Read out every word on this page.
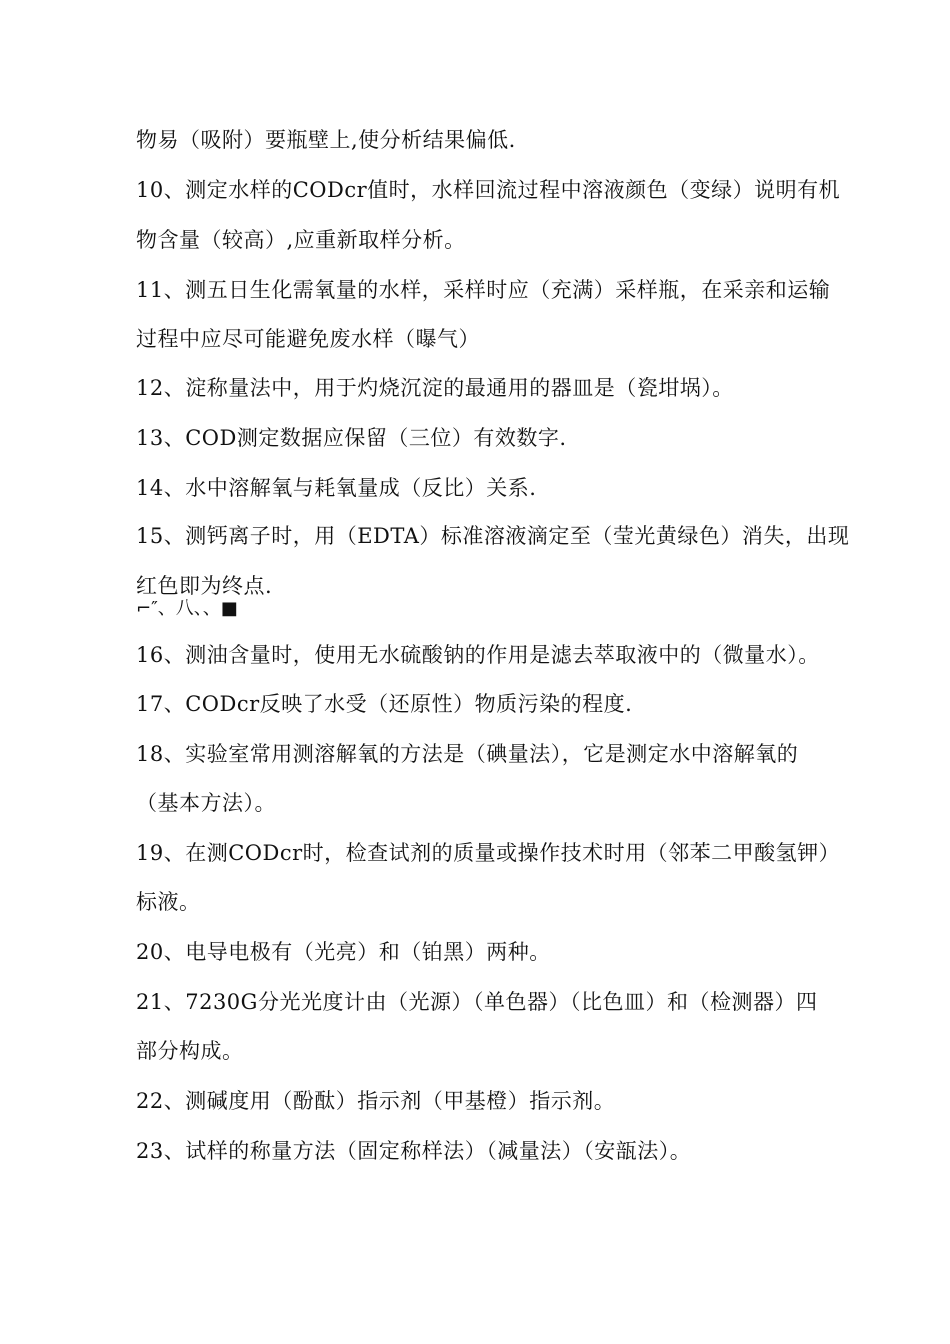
物易（吸附）要瓶壁上,使分析结果偏低.
10、测定水样的CODcr值时，水样回流过程中溶液颜色（变绿）说明有机
物含量（较高）,应重新取样分析。
11、测五日生化需氧量的水样，采样时应（充满）采样瓶，在采亲和运输
过程中应尽可能避免废水样（曝气）
12、淀称量法中，用于灼烧沉淀的最通用的器皿是（瓷坩埚）。
13、COD测定数据应保留（三位）有效数字.
14、水中溶解氧与耗氧量成（反比）关系.
15、测钙离子时，用（EDTA）标准溶液滴定至（莹光黄绿色）消失，出现
红色即为终点.
⌐″、八、、■
16、测油含量时，使用无水硫酸钠的作用是滤去萃取液中的（微量水）。
17、CODcr反映了水受（还原性）物质污染的程度.
18、实验室常用测溶解氧的方法是（碘量法），它是测定水中溶解氧的
（基本方法）。
19、在测CODcr时，检查试剂的质量或操作技术时用（邻苯二甲酸氢钾）
标液。
20、电导电极有（光亮）和（铂黑）两种。
21、7230G分光光度计由（光源）（单色器）（比色皿）和（检测器）四
部分构成。
22、测碱度用（酚酞）指示剂（甲基橙）指示剂。
23、试样的称量方法（固定称样法）（减量法）（安瓿法）。
